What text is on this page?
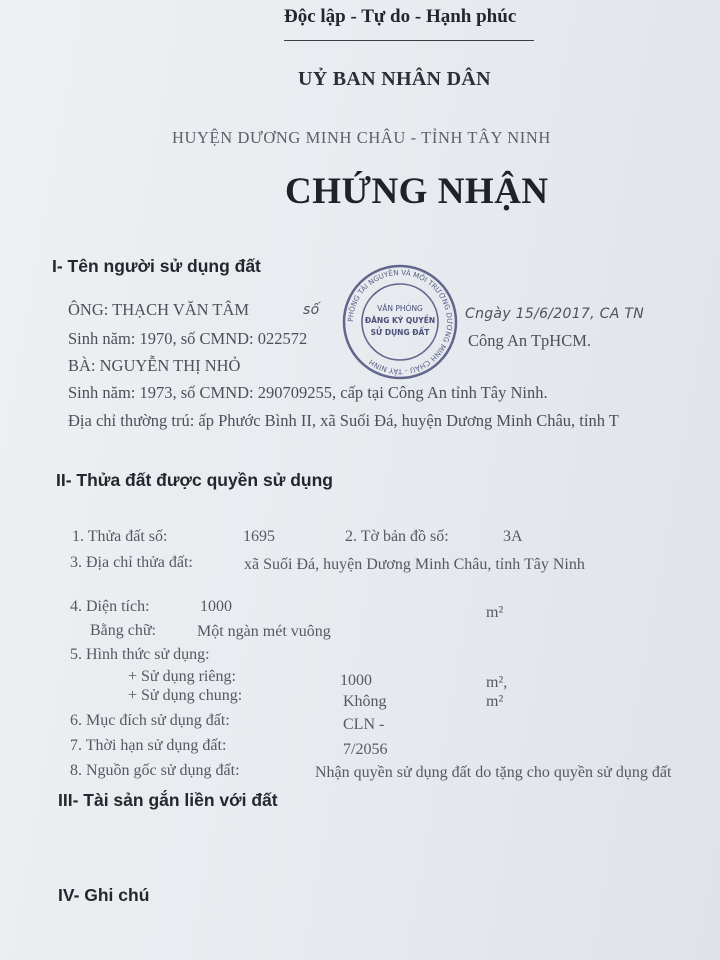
Độc lập - Tự do - Hạnh phúc
UỶ BAN NHÂN DÂN
HUYỆN DƯƠNG MINH CHÂU - TỈNH TÂY NINH
CHỨNG NHẬN
I- Tên người sử dụng đất
ÔNG: THẠCH VĂN TÂM	số	Cngày 15/6/2017, CA TN
Sinh năm: 1970, số CMND: 022572	Công An TpHCM.
BÀ: NGUYỄN THỊ NHỎ
Sinh năm: 1973, số CMND: 290709255, cấp tại Công An tỉnh Tây Ninh.
Địa chỉ thường trú: ấp Phước Bình II, xã Suối Đá, huyện Dương Minh Châu, tỉnh T
PHÒNG TÀI NGUYÊN VÀ MÔI TRƯỜNG DƯƠNG MINH CHÂU - TÂY NINH
VĂN PHÒNG
ĐĂNG KÝ QUYỀN
SỬ DỤNG ĐẤT
II- Thửa đất được quyền sử dụng
1. Thửa đất số:	1695	2. Tờ bản đồ số:	3A
3. Địa chỉ thửa đất:	xã Suối Đá, huyện Dương Minh Châu, tỉnh Tây Ninh
4. Diện tích:	1000	m²
Bằng chữ:	Một ngàn mét vuông
5. Hình thức sử dụng:
+ Sử dụng riêng:	1000	m²,
+ Sử dụng chung:	Không	m²
6. Mục đích sử dụng đất:	CLN -
7. Thời hạn sử dụng đất:	7/2056
8. Nguồn gốc sử dụng đất:	Nhận quyền sử dụng đất do tặng cho quyền sử dụng đất
III- Tài sản gắn liền với đất
IV- Ghi chú
